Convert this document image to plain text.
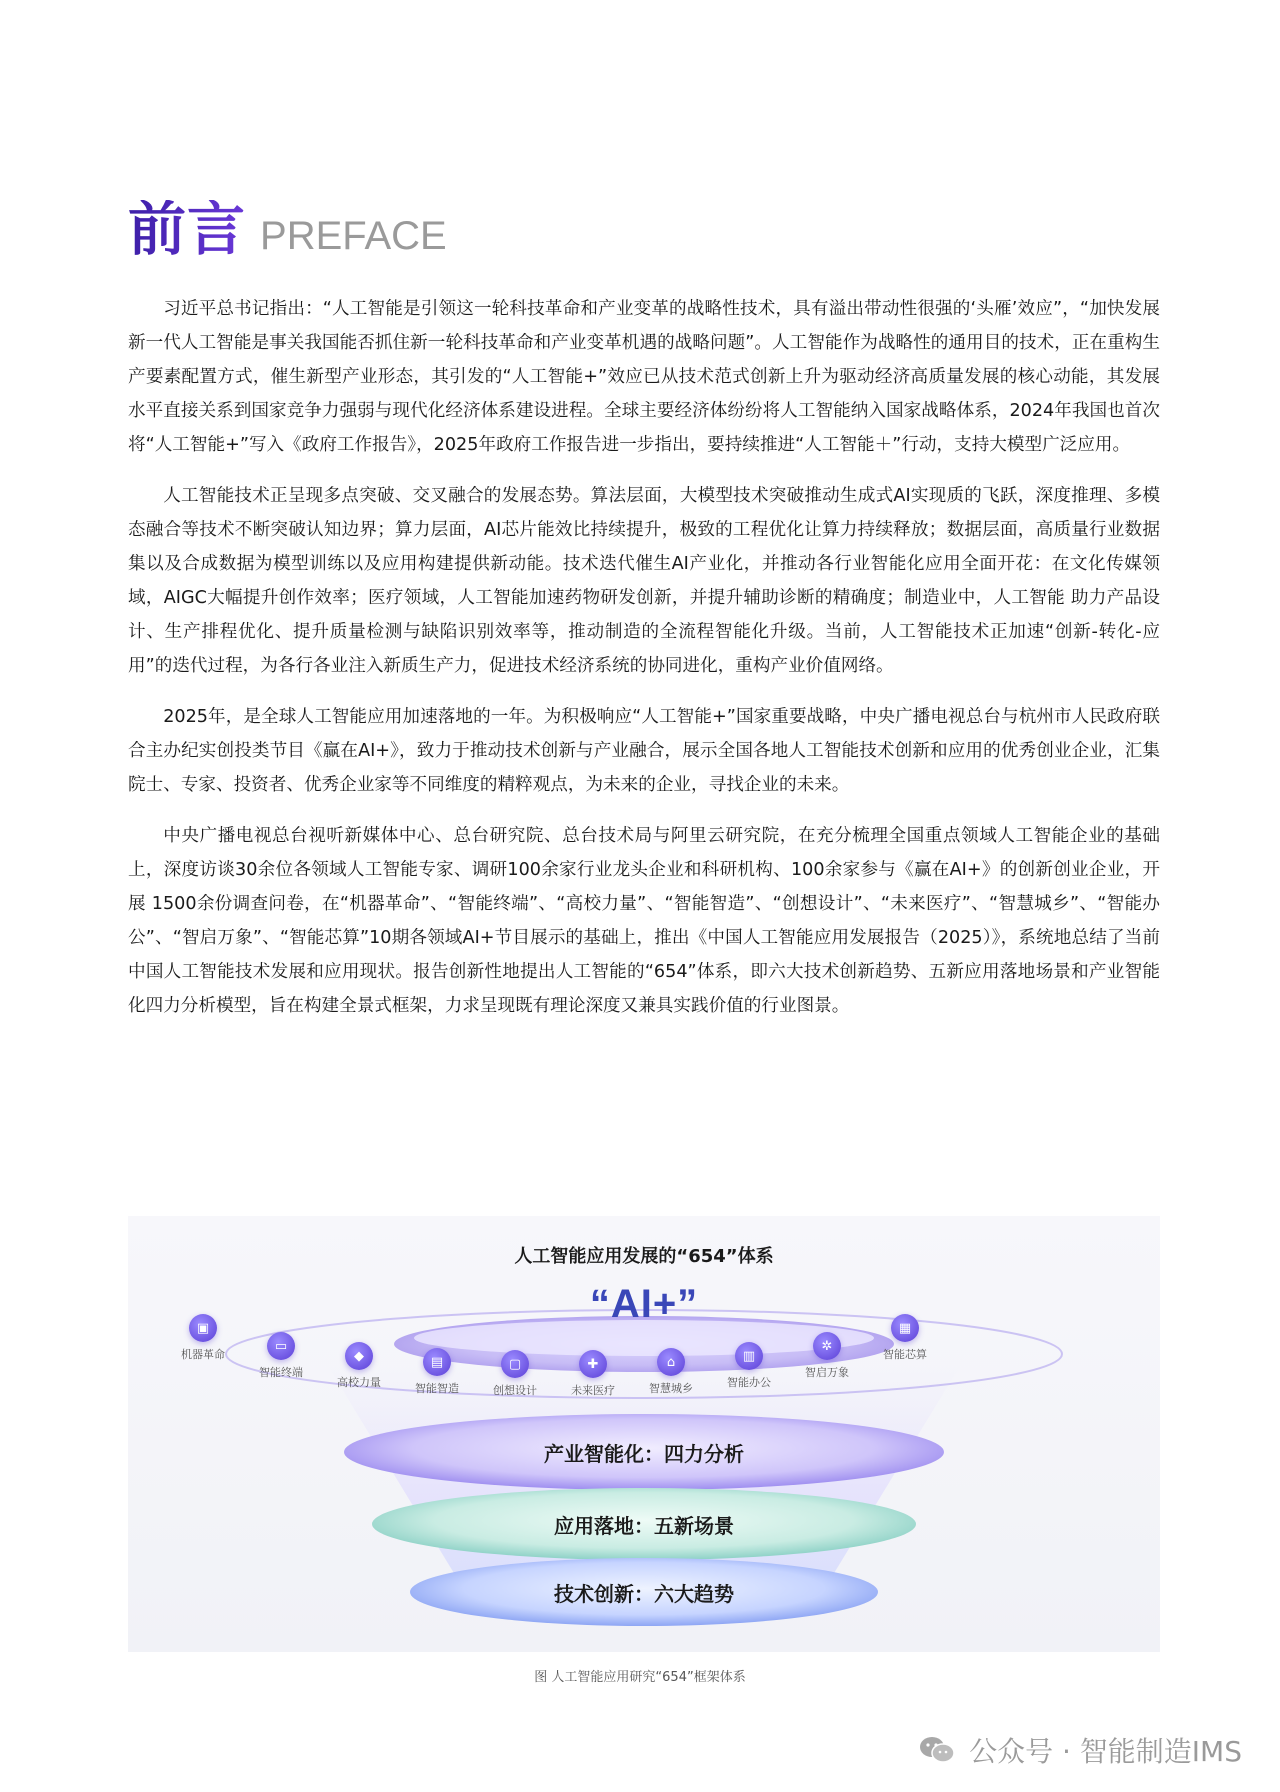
前言 PREFACE

习近平总书记指出：“人工智能是引领这一轮科技革命和产业变革的战略性技术，具有溢出带动性很强的‘头雁’效应”，“加快发展新一代人工智能是事关我国能否抓住新一轮科技革命和产业变革机遇的战略问题”。人工智能作为战略性的通用目的技术，正在重构生产要素配置方式，催生新型产业形态，其引发的“人工智能+”效应已从技术范式创新上升为驱动经济高质量发展的核心动能，其发展水平直接关系到国家竞争力强弱与现代化经济体系建设进程。全球主要经济体纷纷将人工智能纳入国家战略体系，2024年我国也首次将“人工智能+”写入《政府工作报告》，2025年政府工作报告进一步指出，要持续推进“人工智能＋”行动，支持大模型广泛应用。

人工智能技术正呈现多点突破、交叉融合的发展态势。算法层面，大模型技术突破推动生成式AI实现质的飞跃，深度推理、多模态融合等技术不断突破认知边界；算力层面，AI芯片能效比持续提升，极致的工程优化让算力持续释放；数据层面，高质量行业数据集以及合成数据为模型训练以及应用构建提供新动能。技术迭代催生AI产业化，并推动各行业智能化应用全面开花：在文化传媒领域，AIGC大幅提升创作效率；医疗领域，人工智能加速药物研发创新，并提升辅助诊断的精确度；制造业中，人工智能 助力产品设计、生产排程优化、提升质量检测与缺陷识别效率等，推动制造的全流程智能化升级。当前，人工智能技术正加速“创新-转化-应用”的迭代过程，为各行各业注入新质生产力，促进技术经济系统的协同进化，重构产业价值网络。

2025年，是全球人工智能应用加速落地的一年。为积极响应“人工智能+”国家重要战略，中央广播电视总台与杭州市人民政府联合主办纪实创投类节目《赢在AI+》，致力于推动技术创新与产业融合，展示全国各地人工智能技术创新和应用的优秀创业企业，汇集院士、专家、投资者、优秀企业家等不同维度的精粹观点，为未来的企业，寻找企业的未来。

中央广播电视总台视听新媒体中心、总台研究院、总台技术局与阿里云研究院，在充分梳理全国重点领域人工智能企业的基础上，深度访谈30余位各领域人工智能专家、调研100余家行业龙头企业和科研机构、100余家参与《赢在AI+》的创新创业企业，开展 1500余份调查问卷，在“机器革命”、“智能终端”、“高校力量”、“智能智造”、“创想设计”、“未来医疗”、“智慧城乡”、“智能办公”、“智启万象”、“智能芯算”10期各领域AI+节目展示的基础上，推出《中国人工智能应用发展报告（2025）》，系统地总结了当前中国人工智能技术发展和应用现状。报告创新性地提出人工智能的“654”体系，即六大技术创新趋势、五新应用落地场景和产业智能化四力分析模型，旨在构建全景式框架，力求呈现既有理论深度又兼具实践价值的行业图景。

人工智能应用发展的“654”体系
“AI+”
▣
机器革命
▭
智能终端
◆
高校力量
▤
智能智造
▢
创想设计
✚
未来医疗
⌂
智慧城乡
▥
智能办公
✲
智启万象
▦
智能芯算
产业智能化：四力分析
应用落地：五新场景
技术创新：六大趋势
图 人工智能应用研究“654”框架体系
公众号 · 智能制造IMS
